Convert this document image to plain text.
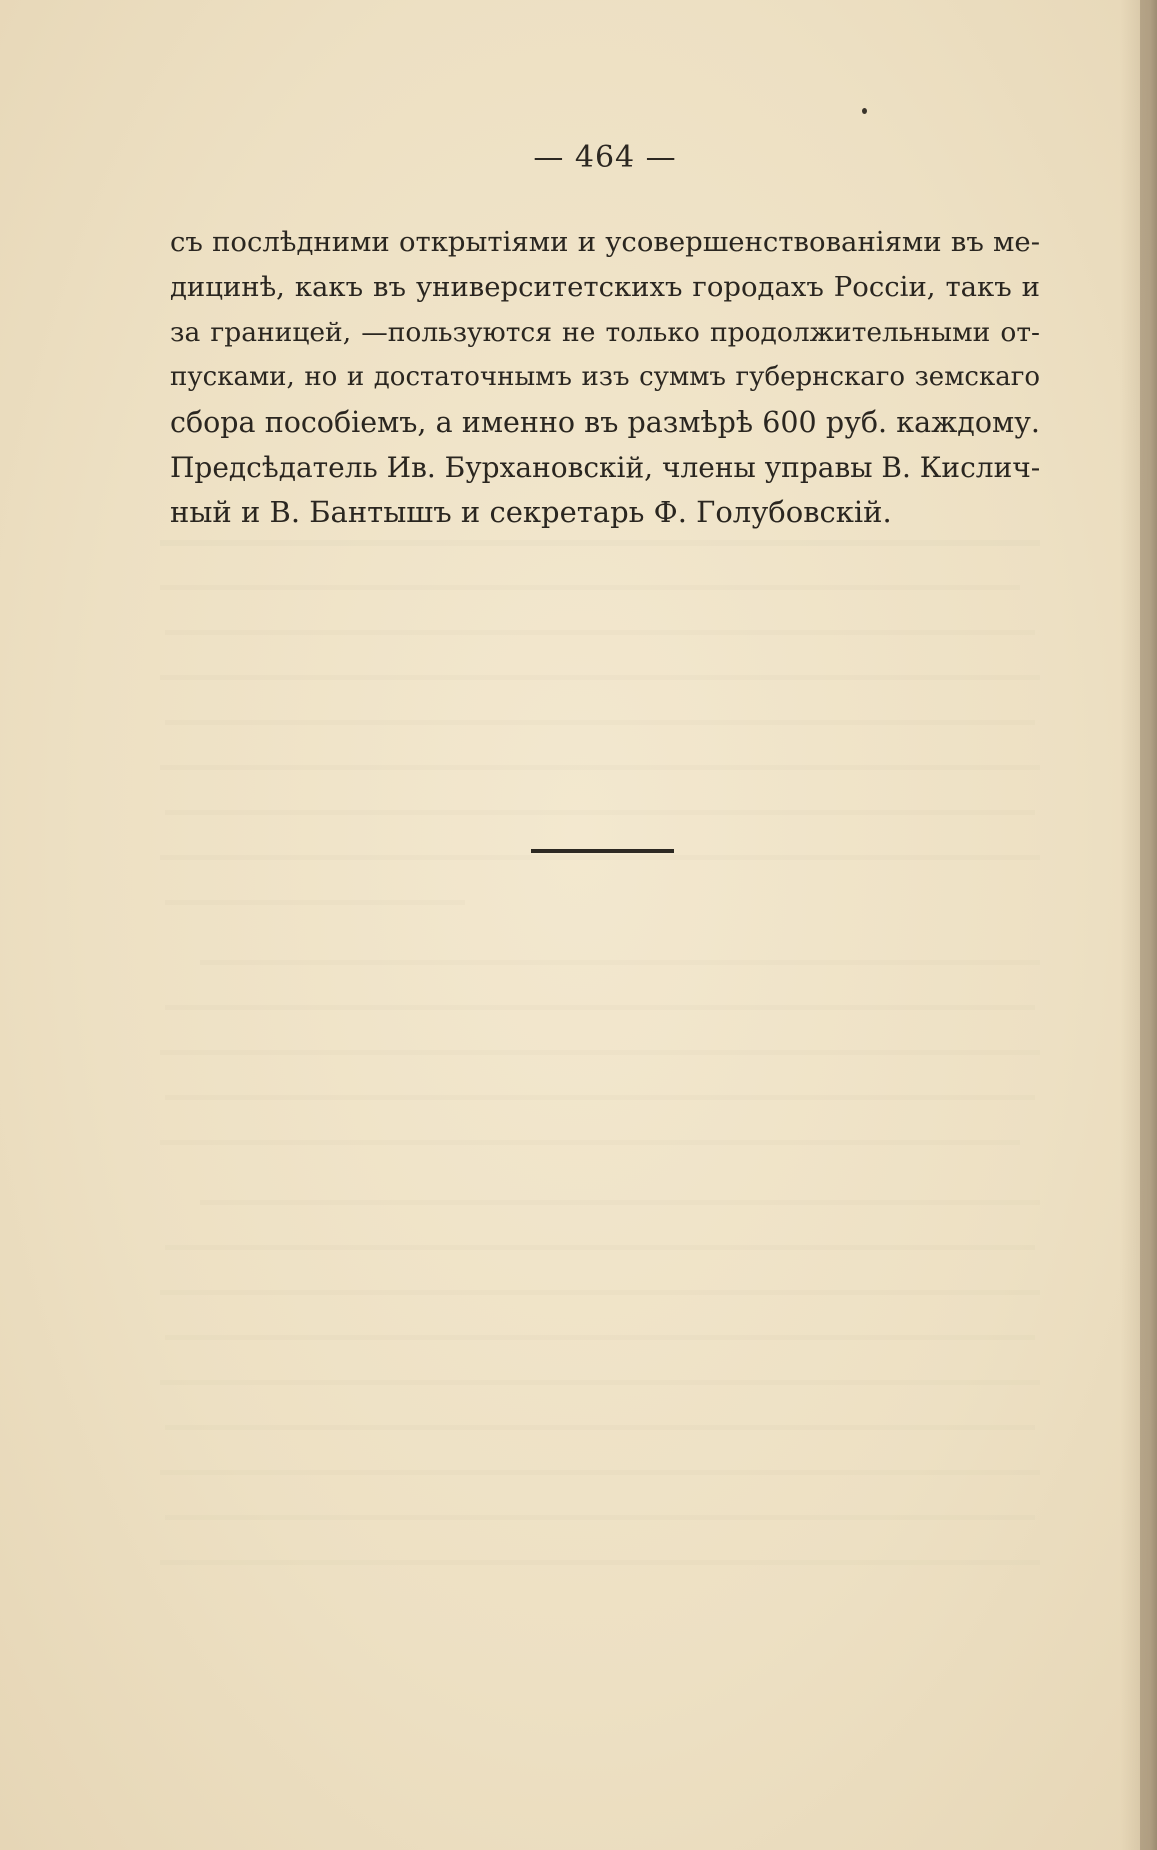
— 464 —
съ послѣдними открытіями и усовершенствованіями въ ме-
дицинѣ, какъ въ университетскихъ городахъ Россіи, такъ и
за границей, —пользуются не только продолжительными от-
пусками, но и достаточнымъ изъ суммъ губернскаго земскаго
сбора пособіемъ, а именно въ размѣрѣ 600 руб. каждому.
Предсѣдатель Ив. Бурхановскій, члены управы В. Кислич-
ный и В. Бантышъ и секретарь Ф. Голубовскій.
